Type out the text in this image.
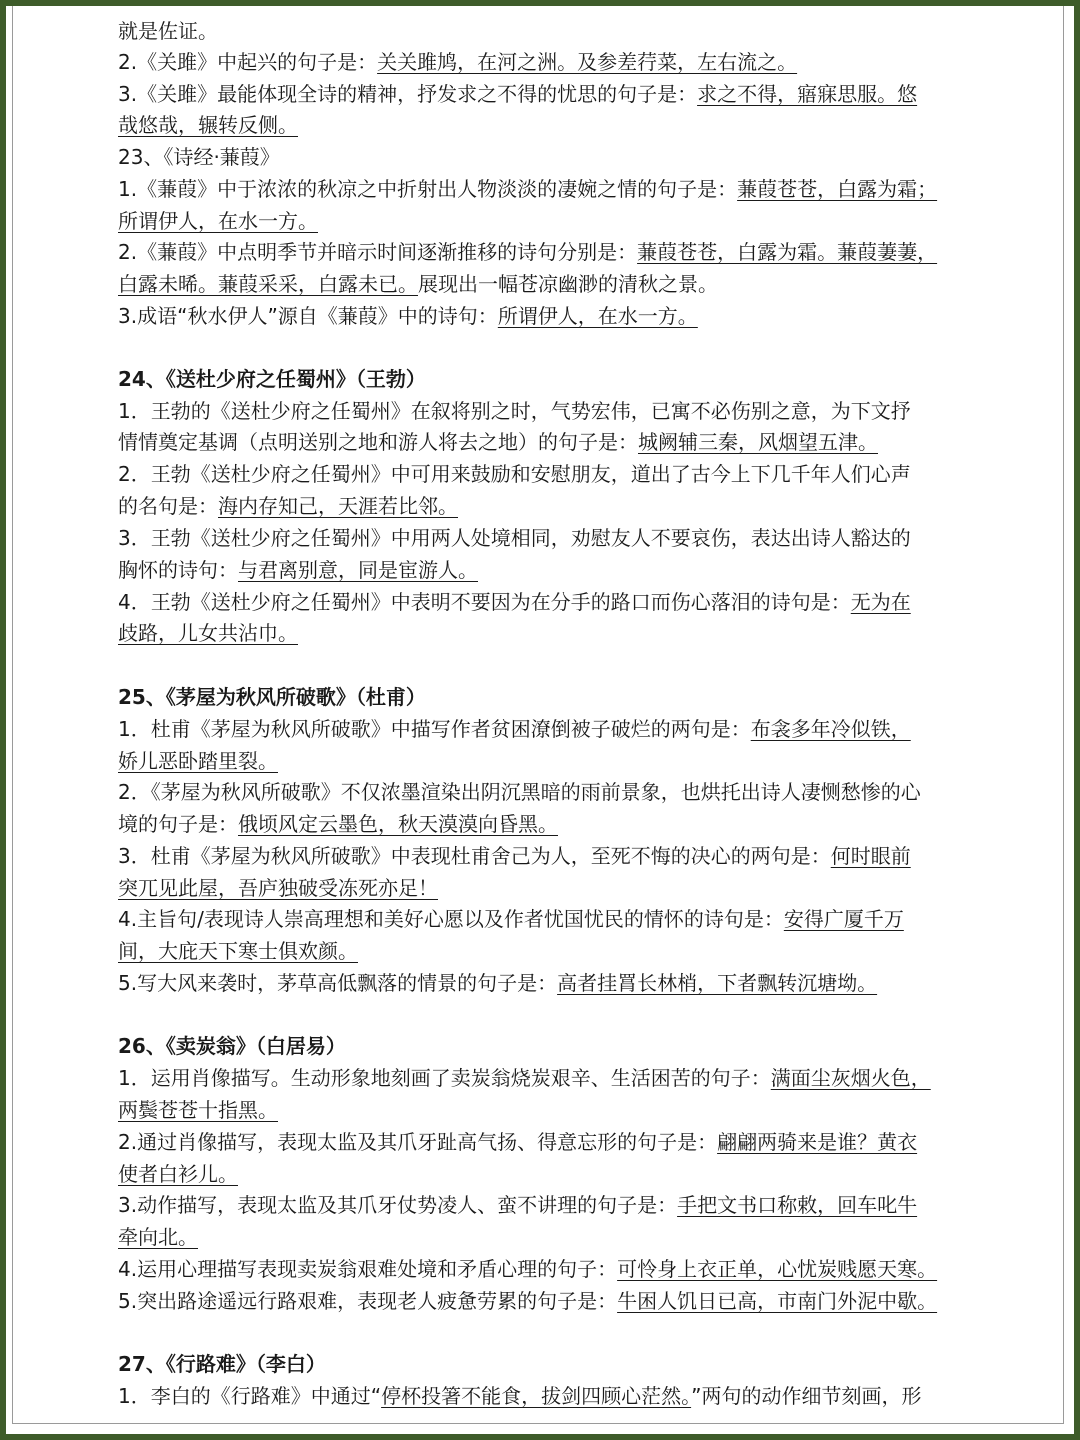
就是佐证。
2.《关雎》中起兴的句子是：关关雎鸠，在河之洲。及参差荇菜，左右流之。
3.《关雎》最能体现全诗的精神，抒发求之不得的忧思的句子是：求之不得，寤寐思服。悠
哉悠哉，辗转反侧。
23、《诗经·蒹葭》
1.《蒹葭》中于浓浓的秋凉之中折射出人物淡淡的凄婉之情的句子是：蒹葭苍苍，白露为霜；
所谓伊人，在水一方。
2.《蒹葭》中点明季节并暗示时间逐渐推移的诗句分别是：蒹葭苍苍，白露为霜。蒹葭萋萋，
白露未晞。蒹葭采采，白露未已。展现出一幅苍凉幽渺的清秋之景。
3.成语“秋水伊人”源自《蒹葭》中的诗句：所谓伊人，在水一方。
24、《送杜少府之任蜀州》（王勃）
1．王勃的《送杜少府之任蜀州》在叙将别之时，气势宏伟，已寓不必伤别之意，为下文抒
情情奠定基调（点明送别之地和游人将去之地）的句子是：城阙辅三秦，风烟望五津。
2．王勃《送杜少府之任蜀州》中可用来鼓励和安慰朋友，道出了古今上下几千年人们心声
的名句是：海内存知己，天涯若比邻。
3．王勃《送杜少府之任蜀州》中用两人处境相同，劝慰友人不要哀伤，表达出诗人豁达的
胸怀的诗句：与君离别意，同是宦游人。
4．王勃《送杜少府之任蜀州》中表明不要因为在分手的路口而伤心落泪的诗句是：无为在
歧路，儿女共沾巾。
25、《茅屋为秋风所破歌》（杜甫）
1．杜甫《茅屋为秋风所破歌》中描写作者贫困潦倒被子破烂的两句是：布衾多年冷似铁，
娇儿恶卧踏里裂。
2．《茅屋为秋风所破歌》不仅浓墨渲染出阴沉黑暗的雨前景象，也烘托出诗人凄恻愁惨的心
境的句子是：俄顷风定云墨色，秋天漠漠向昏黑。
3．杜甫《茅屋为秋风所破歌》中表现杜甫舍己为人，至死不悔的决心的两句是：何时眼前
突兀见此屋，吾庐独破受冻死亦足！
4.主旨句/表现诗人崇高理想和美好心愿以及作者忧国忧民的情怀的诗句是：安得广厦千万
间，大庇天下寒士俱欢颜。
5.写大风来袭时，茅草高低飘落的情景的句子是：高者挂罥长林梢，下者飘转沉塘坳。
26、《卖炭翁》（白居易）
1．运用肖像描写。生动形象地刻画了卖炭翁烧炭艰辛、生活困苦的句子：满面尘灰烟火色，
两鬓苍苍十指黑。
2.通过肖像描写，表现太监及其爪牙趾高气扬、得意忘形的句子是：翩翩两骑来是谁？黄衣
使者白衫儿。
3.动作描写，表现太监及其爪牙仗势凌人、蛮不讲理的句子是：手把文书口称敕，回车叱牛
牵向北。
4.运用心理描写表现卖炭翁艰难处境和矛盾心理的句子：可怜身上衣正单，心忧炭贱愿天寒。
5.突出路途遥远行路艰难，表现老人疲惫劳累的句子是：牛困人饥日已高，市南门外泥中歇。
27、《行路难》（李白）
1．李白的《行路难》中通过“停杯投箸不能食，拔剑四顾心茫然。”两句的动作细节刻画，形
